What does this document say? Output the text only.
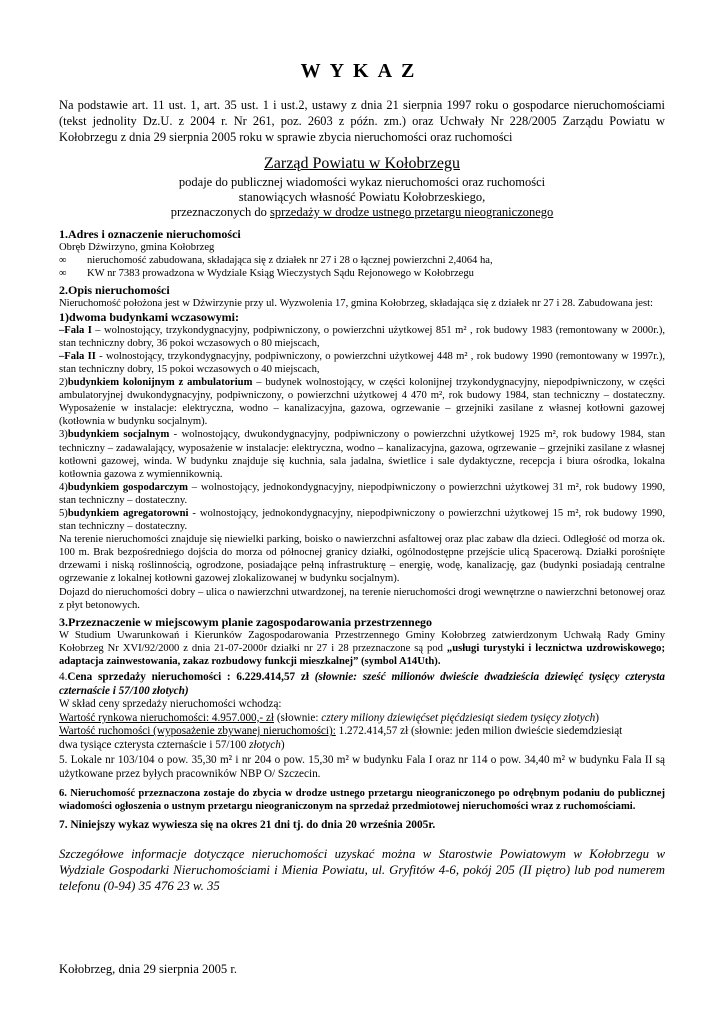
WYKAZ

Na podstawie art. 11 ust. 1, art. 35 ust. 1 i ust.2, ustawy z dnia 21 sierpnia 1997 roku o gospodarce nieruchomościami (tekst jednolity Dz.U. z 2004 r. Nr 261, poz. 2603 z późn. zm.) oraz Uchwały Nr 228/2005 Zarządu Powiatu w Kołobrzegu z dnia 29 sierpnia 2005 roku w sprawie zbycia nieruchomości oraz ruchomości

Zarząd Powiatu w Kołobrzegu

podaje do publicznej wiadomości wykaz nieruchomości oraz ruchomości

stanowiących własność Powiatu Kołobrzeskiego,

przeznaczonych do sprzedaży w drodze ustnego przetargu nieograniczonego

1.Adres i oznaczenie nieruchomości

Obręb Dźwirzyno, gmina Kołobrzeg

∞ nieruchomość zabudowana, składająca się z działek nr 27 i 28 o łącznej powierzchni 2,4064 ha,

∞ KW nr 7383 prowadzona w Wydziale Ksiąg Wieczystych Sądu Rejonowego w Kołobrzegu

2.Opis nieruchomości

Nieruchomość położona jest w Dźwirzynie przy ul. Wyzwolenia 17, gmina Kołobrzeg, składająca się z działek nr 27 i 28. Zabudowana jest:

1)dwoma budynkami wczasowymi:

–Fala I – wolnostojący, trzykondygnacyjny, podpiwniczony, o powierzchni użytkowej 851 m² , rok budowy 1983 (remontowany w 2000r.), stan techniczny dobry, 36 pokoi wczasowych o 80 miejscach,

–Fala II - wolnostojący, trzykondygnacyjny, podpiwniczony, o powierzchni użytkowej 448 m² , rok budowy 1990 (remontowany w 1997r.), stan techniczny dobry, 15 pokoi wczasowych o 40 miejscach,

2)budynkiem kolonijnym z ambulatorium – budynek wolnostojący, w części kolonijnej trzykondygnacyjny, niepodpiwniczony, w części ambulatoryjnej dwukondygnacyjny, podpiwniczony, o powierzchni użytkowej 4 470 m², rok budowy 1984, stan techniczny – dostateczny. Wyposażenie w instalacje: elektryczna, wodno – kanalizacyjna, gazowa, ogrzewanie – grzejniki zasilane z własnej kotłowni gazowej (kotłownia w budynku socjalnym).

3)budynkiem socjalnym - wolnostojący, dwukondygnacyjny, podpiwniczony o powierzchni użytkowej 1925 m², rok budowy 1984, stan techniczny – zadawalający, wyposażenie w instalacje: elektryczna, wodno – kanalizacyjna, gazowa, ogrzewanie – grzejniki zasilane z własnej kotłowni gazowej, winda. W budynku znajduje się kuchnia, sala jadalna, świetlice i sale dydaktyczne, recepcja i biura ośrodka, lokalna kotłownia gazowa z wymiennikownią.

4)budynkiem gospodarczym – wolnostojący, jednokondygnacyjny, niepodpiwniczony o powierzchni użytkowej 31 m², rok budowy 1990, stan techniczny – dostateczny.

5)budynkiem agregatorowni - wolnostojący, jednokondygnacyjny, niepodpiwniczony o powierzchni użytkowej 15 m², rok budowy 1990, stan techniczny – dostateczny.

Na terenie nieruchomości znajduje się niewielki parking, boisko o nawierzchni asfaltowej oraz plac zabaw dla dzieci. Odległość od morza ok. 100 m. Brak bezpośredniego dojścia do morza od północnej granicy działki, ogólnodostępne przejście ulicą Spacerową. Działki porośnięte drzewami i niską roślinnością, ogrodzone, posiadające pełną infrastrukturę – energię, wodę, kanalizację, gaz (budynki posiadają centralne ogrzewanie z lokalnej kotłowni gazowej zlokalizowanej w budynku socjalnym).

Dojazd do nieruchomości dobry – ulica o nawierzchni utwardzonej, na terenie nieruchomości drogi wewnętrzne o nawierzchni betonowej oraz z płyt betonowych.

3.Przeznaczenie w miejscowym planie zagospodarowania przestrzennego

W Studium Uwarunkowań i Kierunków Zagospodarowania Przestrzennego Gminy Kołobrzeg zatwierdzonym Uchwałą Rady Gminy Kołobrzeg Nr XVI/92/2000 z dnia 21-07-2000r działki nr 27 i 28 przeznaczone są pod „usługi turystyki i lecznictwa uzdrowiskowego; adaptacja zainwestowania, zakaz rozbudowy funkcji mieszkalnej” (symbol A14Uth).

4.Cena sprzedaży nieruchomości : 6.229.414,57 zł (słownie: sześć milionów dwieście dwadzieścia dziewięć tysięcy czterysta czternaście i 57/100 złotych)

W skład ceny sprzedaży nieruchomości wchodzą:

Wartość rynkowa nieruchomości: 4.957.000,- zł (słownie: cztery miliony dziewięćset pięćdziesiąt siedem tysięcy złotych)

Wartość ruchomości (wyposażenie zbywanej nieruchomości): 1.272.414,57 zł (słownie: jeden milion dwieście siedemdziesiąt

dwa tysiące czterysta czternaście i 57/100 złotych)

5. Lokale nr 103/104 o pow. 35,30 m² i nr 204 o pow. 15,30 m² w budynku Fala I oraz nr 114 o pow. 34,40 m² w budynku Fala II są użytkowane przez byłych pracowników NBP O/ Szczecin.

6. Nieruchomość przeznaczona zostaje do zbycia w drodze ustnego przetargu nieograniczonego po odrębnym podaniu do publicznej wiadomości ogłoszenia o ustnym przetargu nieograniczonym na sprzedaż przedmiotowej nieruchomości wraz z ruchomościami.

7. Niniejszy wykaz wywiesza się na okres 21 dni tj. do dnia 20 września 2005r.

Szczegółowe informacje dotyczące nieruchomości uzyskać można w Starostwie Powiatowym w Kołobrzegu w Wydziale Gospodarki Nieruchomościami i Mienia Powiatu, ul. Gryfitów 4-6, pokój 205 (II piętro) lub pod numerem telefonu (0-94) 35 476 23 w. 35

Kołobrzeg, dnia 29 sierpnia 2005 r.
